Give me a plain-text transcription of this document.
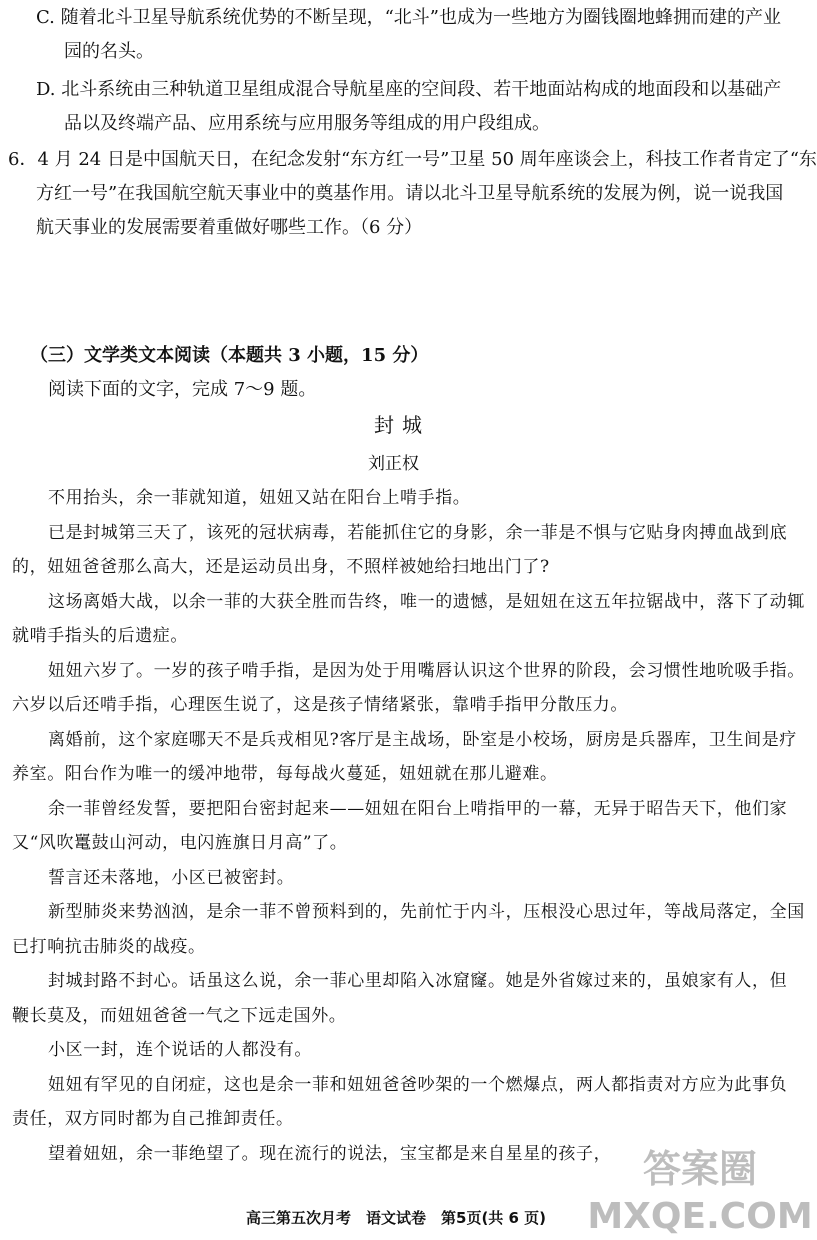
C. 随着北斗卫星导航系统优势的不断呈现，“北斗”也成为一些地方为圈钱圈地蜂拥而建的产业
园的名头。
D. 北斗系统由三种轨道卫星组成混合导航星座的空间段、若干地面站构成的地面段和以基础产
品以及终端产品、应用系统与应用服务等组成的用户段组成。
6．4 月 24 日是中国航天日，在纪念发射“东方红一号”卫星 50 周年座谈会上，科技工作者肯定了“东
方红一号”在我国航空航天事业中的奠基作用。请以北斗卫星导航系统的发展为例，说一说我国
航天事业的发展需要着重做好哪些工作。（6 分）
（三）文学类文本阅读（本题共 3 小题，15 分）
阅读下面的文字，完成 7～9 题。
封城
刘正权
不用抬头，余一菲就知道，妞妞又站在阳台上啃手指。
已是封城第三天了，该死的冠状病毒，若能抓住它的身影，余一菲是不惧与它贴身肉搏血战到底
的，妞妞爸爸那么高大，还是运动员出身，不照样被她给扫地出门了?
这场离婚大战，以余一菲的大获全胜而告终，唯一的遗憾，是妞妞在这五年拉锯战中，落下了动辄
就啃手指头的后遗症。
妞妞六岁了。一岁的孩子啃手指，是因为处于用嘴唇认识这个世界的阶段，会习惯性地吮吸手指。
六岁以后还啃手指，心理医生说了，这是孩子情绪紧张，靠啃手指甲分散压力。
离婚前，这个家庭哪天不是兵戎相见?客厅是主战场，卧室是小校场，厨房是兵器库，卫生间是疗
养室。阳台作为唯一的缓冲地带，每每战火蔓延，妞妞就在那儿避难。
余一菲曾经发誓，要把阳台密封起来——妞妞在阳台上啃指甲的一幕，无异于昭告天下，他们家
又“风吹鼍鼓山河动，电闪旌旗日月高”了。
誓言还未落地，小区已被密封。
新型肺炎来势汹汹，是余一菲不曾预料到的，先前忙于内斗，压根没心思过年，等战局落定，全国
已打响抗击肺炎的战疫。
封城封路不封心。话虽这么说，余一菲心里却陷入冰窟窿。她是外省嫁过来的，虽娘家有人，但
鞭长莫及，而妞妞爸爸一气之下远走国外。
小区一封，连个说话的人都没有。
妞妞有罕见的自闭症，这也是余一菲和妞妞爸爸吵架的一个燃爆点，两人都指责对方应为此事负
责任，双方同时都为自己推卸责任。
望着妞妞，余一菲绝望了。现在流行的说法，宝宝都是来自星星的孩子，
高三第五次月考　语文试卷　第5页(共 6 页)
答案圈
MXQE.COM
